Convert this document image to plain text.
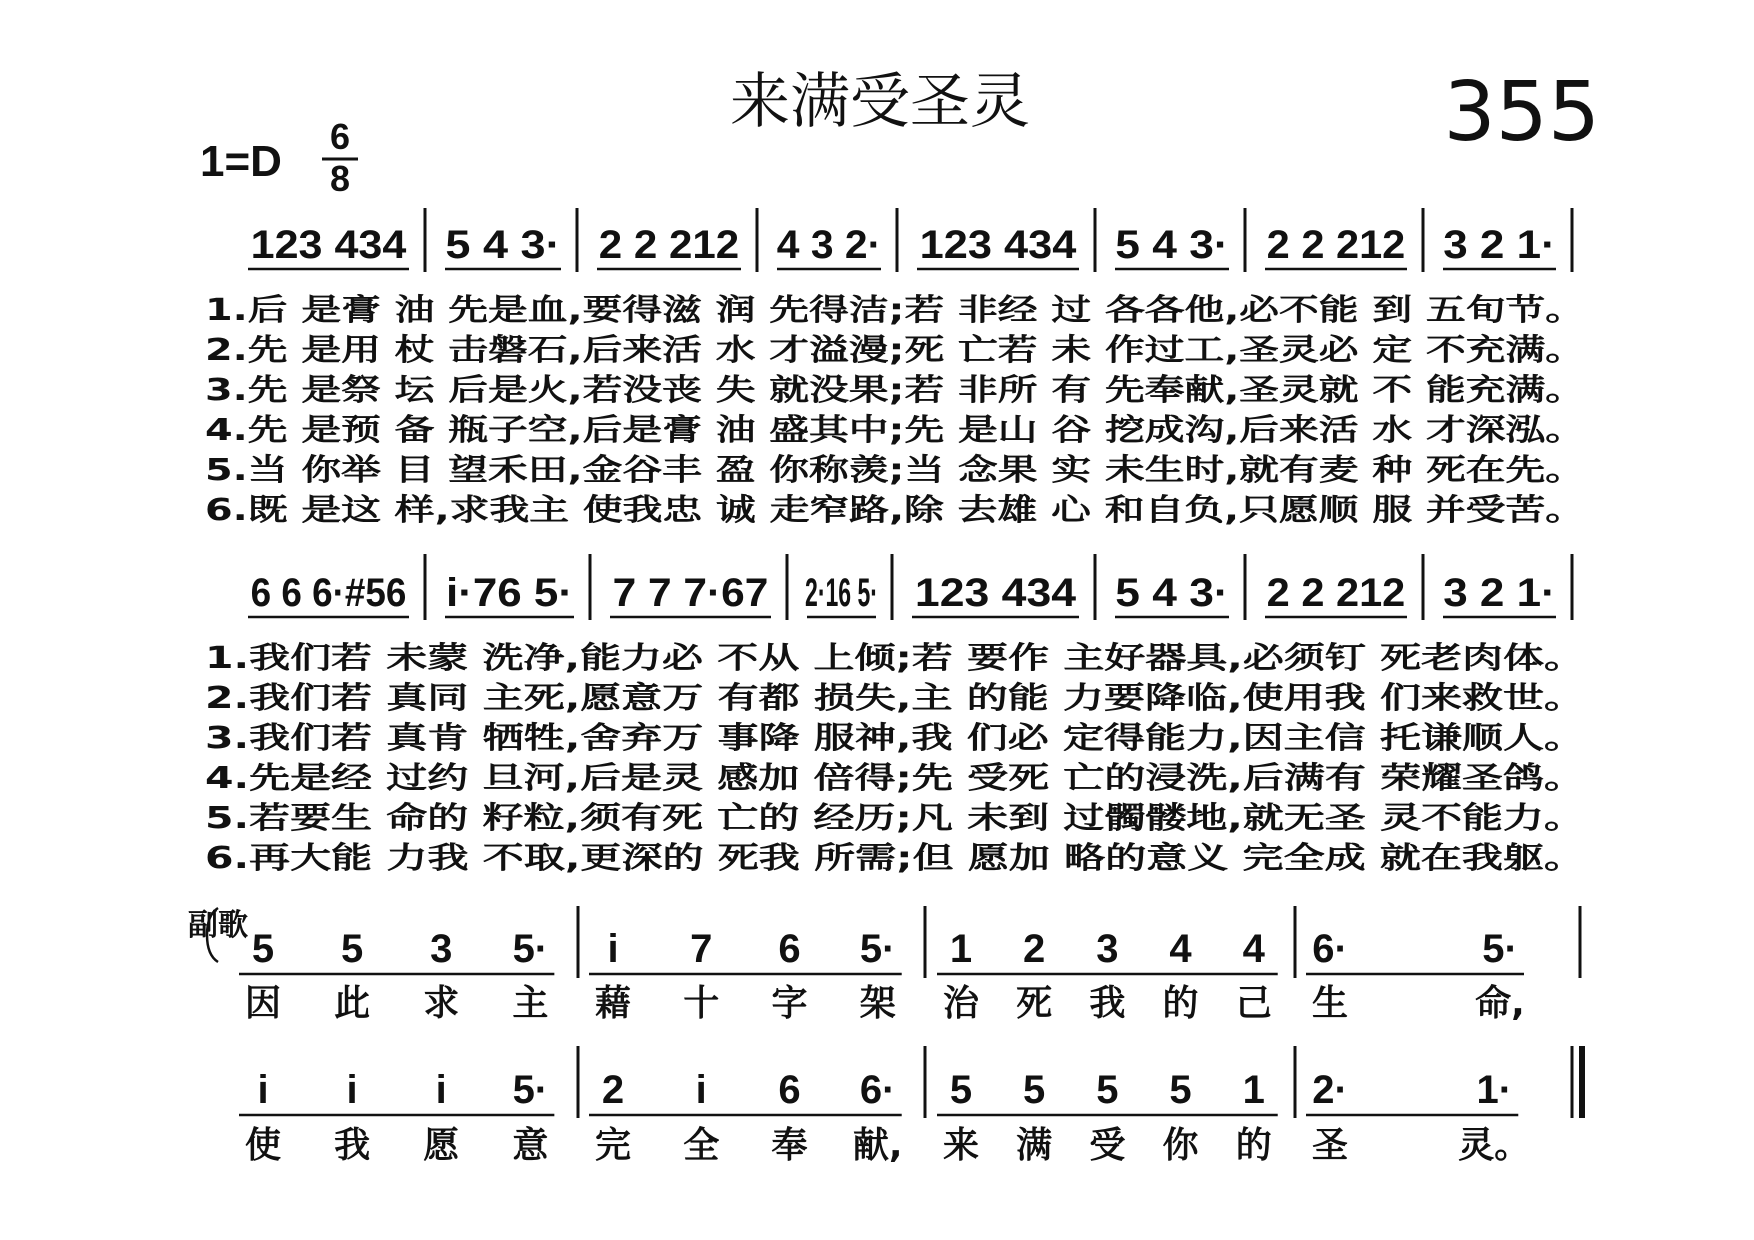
来满受圣灵	355
1=D
6
8
123 434 5 4 3· 2 2 212 4 3 2· 123 434 5 4 3· 2 2 212 3 2 1·
1.后 是膏 油 先是血,要得滋 润 先得洁;若 非经 过 各各他,必不能 到 五旬节。
2.先 是用 杖 击磐石,后来活 水 才溢漫;死 亡若 未 作过工,圣灵必 定 不充满。
3.先 是祭 坛 后是火,若没丧 失 就没果;若 非所 有 先奉献,圣灵就 不 能充满。
4.先 是预 备 瓶子空,后是膏 油 盛其中;先 是山 谷 挖成沟,后来活 水 才深泓。
5.当 你举 目 望禾田,金谷丰 盈 你称羡;当 念果 实 未生时,就有麦 种 死在先。
6.既 是这 样,求我主 使我忠 诚 走窄路,除 去雄 心 和自负,只愿顺 服 并受苦。
6 6 6·#56 i·76 5· 7 7 7·67 2·16 5· 123 434 5 4 3· 2 2 212 3 2 1·
1.我们若 未蒙 洗净,能力必 不从 上倾;若 要作 主好器具,必须钉 死老肉体。
2.我们若 真同 主死,愿意万 有都 损失,主 的能 力要降临,使用我 们来救世。
3.我们若 真肯 牺牲,舍弃万 事降 服神,我 们必 定得能力,因主信 托谦顺人。
4.先是经 过约 旦河,后是灵 感加 倍得;先 受死 亡的浸洗,后满有 荣耀圣鸽。
5.若要生 命的 籽粒,须有死 亡的 经历;凡 未到 过髑髅地,就无圣 灵不能力。
6.再大能 力我 不取,更深的 死我 所需;但 愿加 略的意义 完全成 就在我躯。
副歌
5
因
5
此
3
求
5·
主
i
藉
7
十
6
字
5·
架
1
治
2
死
3
我
4
的
4
己
6·
生
5·
命,
i
使
i
我
i
愿
5·
意
2
完
i
全
6
奉
6·
献,
5
来
5
满
5
受
5
你
1
的
2·
圣
1·
灵。
